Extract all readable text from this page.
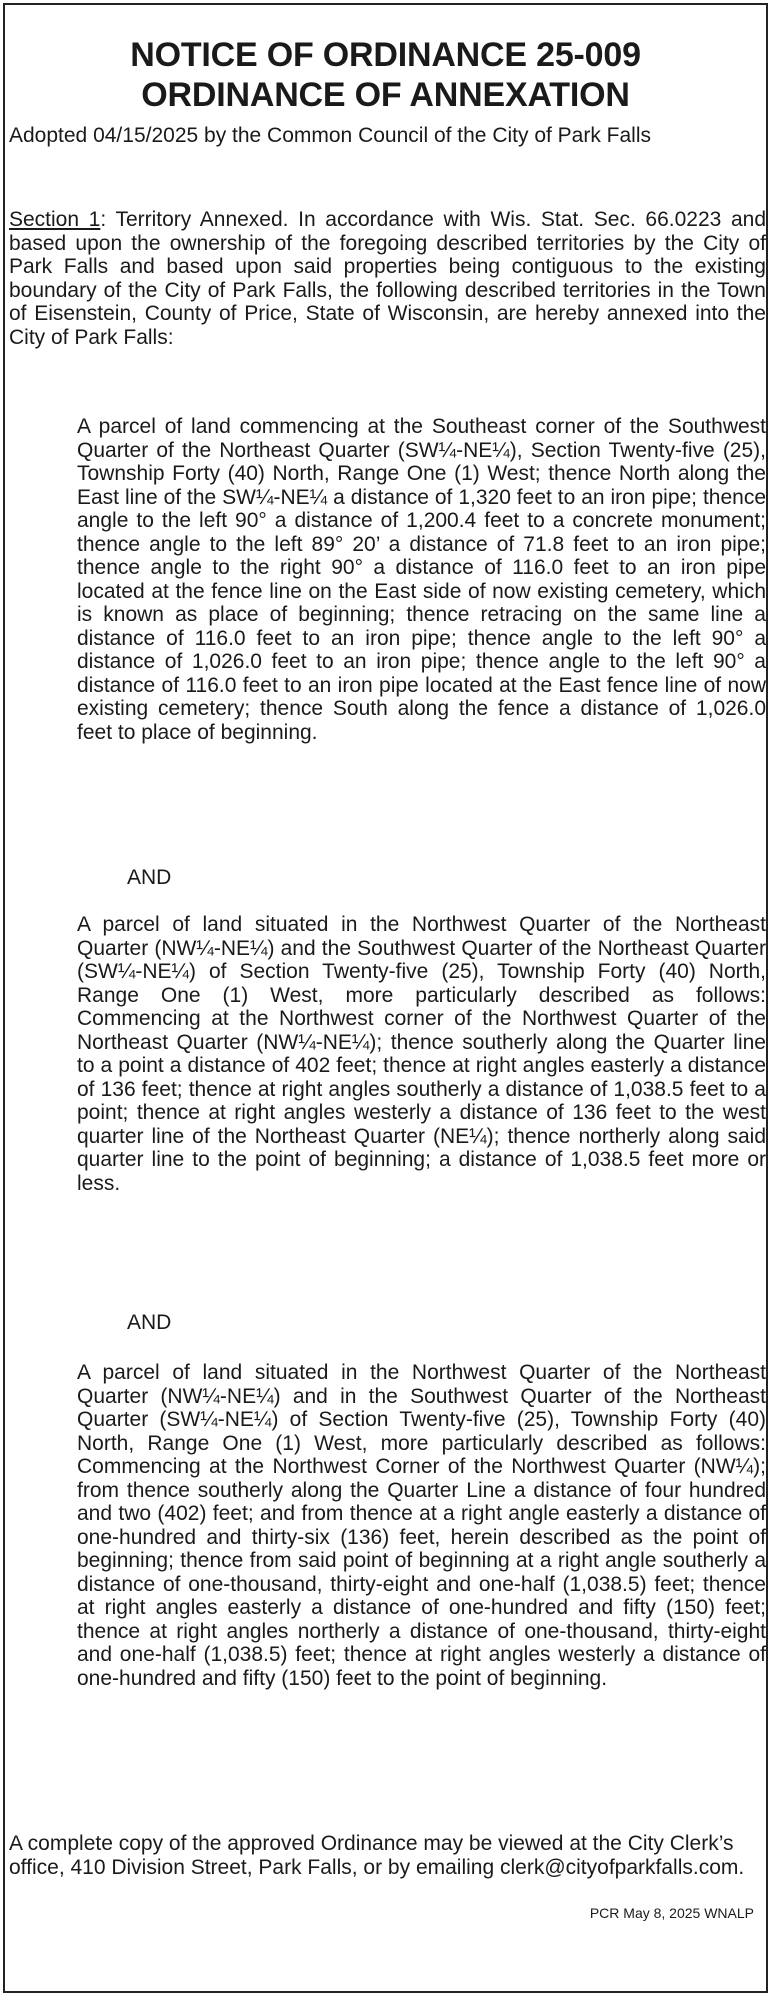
NOTICE OF ORDINANCE 25-009
ORDINANCE OF ANNEXATION
Adopted 04/15/2025 by the Common Council of the City of Park Falls
Section 1: Territory Annexed. In accordance with Wis. Stat. Sec. 66.0223 and based upon the ownership of the foregoing described territories by the City of Park Falls and based upon said properties being contiguous to the existing boundary of the City of Park Falls, the following described territories in the Town of Eisenstein, County of Price, State of Wisconsin, are hereby annexed into the City of Park Falls:
A parcel of land commencing at the Southeast corner of the Southwest Quarter of the Northeast Quarter (SW¼-NE¼), Section Twenty-five (25), Township Forty (40) North, Range One (1) West; thence North along the East line of the SW¼-NE¼ a distance of 1,320 feet to an iron pipe; thence angle to the left 90° a distance of 1,200.4 feet to a concrete monument; thence angle to the left 89° 20’ a distance of 71.8 feet to an iron pipe; thence angle to the right 90° a distance of 116.0 feet to an iron pipe located at the fence line on the East side of now existing cemetery, which is known as place of beginning; thence retracing on the same line a distance of 116.0 feet to an iron pipe; thence angle to the left 90° a distance of 1,026.0 feet to an iron pipe; thence angle to the left 90° a distance of 116.0 feet to an iron pipe located at the East fence line of now existing cemetery; thence South along the fence a distance of 1,026.0 feet to place of beginning.
AND
A parcel of land situated in the Northwest Quarter of the Northeast Quarter (NW¼-NE¼) and the Southwest Quarter of the Northeast Quarter (SW¼-NE¼) of Section Twenty-five (25), Township Forty (40) North, Range One (1) West, more particularly described as follows: Commencing at the Northwest corner of the Northwest Quarter of the Northeast Quarter (NW¼-NE¼); thence southerly along the Quarter line to a point a distance of 402 feet; thence at right angles easterly a distance of 136 feet; thence at right angles southerly a distance of 1,038.5 feet to a point; thence at right angles westerly a distance of 136 feet to the west quarter line of the Northeast Quarter (NE¼); thence northerly along said quarter line to the point of beginning; a distance of 1,038.5 feet more or less.
AND
A parcel of land situated in the Northwest Quarter of the Northeast Quarter (NW¼-NE¼) and in the Southwest Quarter of the Northeast Quarter (SW¼-NE¼) of Section Twenty-five (25), Township Forty (40) North, Range One (1) West, more particularly described as follows: Commencing at the Northwest Corner of the Northwest Quarter (NW¼); from thence southerly along the Quarter Line a distance of four hundred and two (402) feet; and from thence at a right angle easterly a distance of one-hundred and thirty-six (136) feet, herein described as the point of beginning; thence from said point of beginning at a right angle southerly a distance of one-thousand, thirty-eight and one-half (1,038.5) feet; thence at right angles easterly a distance of one-hundred and fifty (150) feet; thence at right angles northerly a distance of one-thousand, thirty-eight and one-half (1,038.5) feet; thence at right angles westerly a distance of one-hundred and fifty (150) feet to the point of beginning.
A complete copy of the approved Ordinance may be viewed at the City Clerk’s office, 410 Division Street, Park Falls, or by emailing clerk@cityofparkfalls.com.
PCR May 8, 2025 WNALP
